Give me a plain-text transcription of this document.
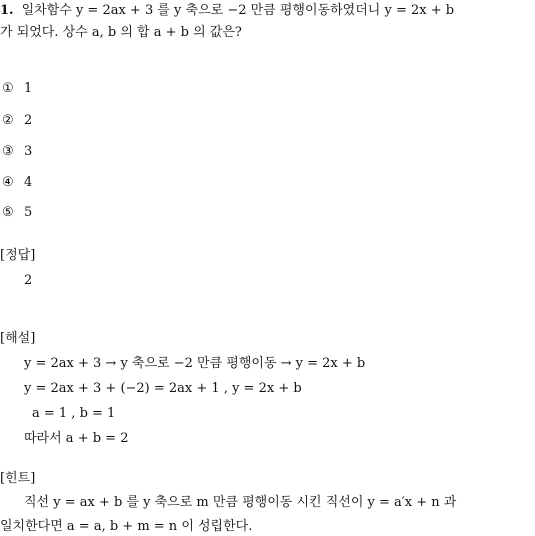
1. 일차함수 y = 2ax + 3 를 y 축으로 −2 만큼 평행이동하였더니 y = 2x + b
가 되었다. 상수 a, b 의 합 a + b 의 값은?
① 1
② 2
③ 3
④ 4
⑤ 5
[정답]
2
[해설]
y = 2ax + 3 → y 축으로 −2 만큼 평행이동 → y = 2x + b
y = 2ax + 3 + (−2) = 2ax + 1 , y = 2x + b
a = 1 , b = 1
따라서 a + b = 2
[힌트]
직선 y = ax + b 를 y 축으로 m 만큼 평행이동 시킨 직선이 y = a′x + n 과
일치한다면 a = a, b + m = n 이 성립한다.
